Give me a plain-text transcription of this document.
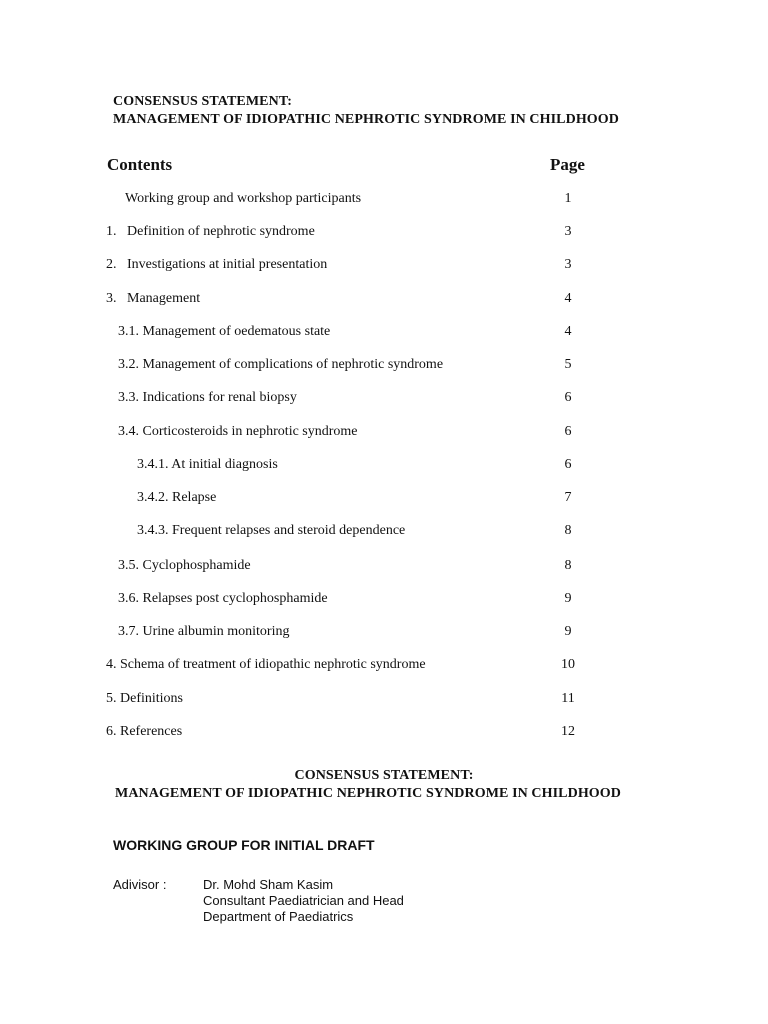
CONSENSUS STATEMENT:
MANAGEMENT OF IDIOPATHIC NEPHROTIC SYNDROME IN CHILDHOOD
Contents	Page
Working group and workshop participants	1
1.   Definition of nephrotic syndrome	3
2.   Investigations at initial presentation	3
3.   Management	4
3.1. Management of oedematous state	4
3.2. Management of complications of nephrotic syndrome	5
3.3. Indications for renal biopsy	6
3.4. Corticosteroids in nephrotic syndrome	6
3.4.1. At initial diagnosis	6
3.4.2. Relapse	7
3.4.3. Frequent relapses and steroid dependence	8
3.5. Cyclophosphamide	8
3.6. Relapses post cyclophosphamide	9
3.7. Urine albumin monitoring	9
4. Schema of treatment of idiopathic nephrotic syndrome	10
5. Definitions	11
6. References	12
CONSENSUS STATEMENT:
MANAGEMENT OF IDIOPATHIC NEPHROTIC SYNDROME IN CHILDHOOD
WORKING GROUP FOR INITIAL DRAFT
Adivisor :	Dr. Mohd Sham Kasim
Consultant Paediatrician and Head
Department of Paediatrics
